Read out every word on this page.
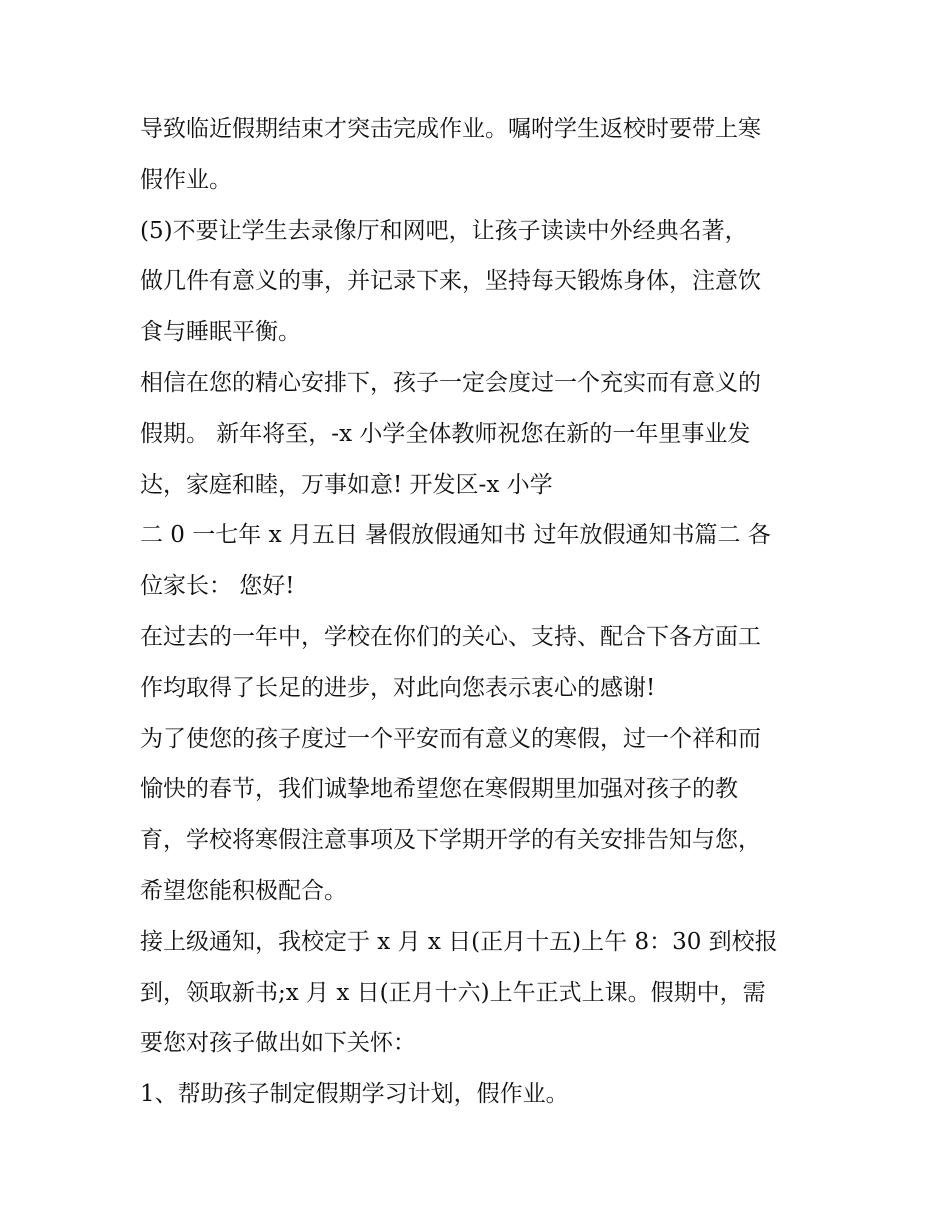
导致临近假期结束才突击完成作业。嘱咐学生返校时要带上寒
假作业。
(5)不要让学生去录像厅和网吧，让孩子读读中外经典名著，
做几件有意义的事，并记录下来，坚持每天锻炼身体，注意饮
食与睡眠平衡。
相信在您的精心安排下，孩子一定会度过一个充实而有意义的
假期。 新年将至，-x 小学全体教师祝您在新的一年里事业发
达，家庭和睦，万事如意! 开发区-x 小学
二 0 一七年 x 月五日 暑假放假通知书 过年放假通知书篇二 各
位家长： 您好!
在过去的一年中，学校在你们的关心、支持、配合下各方面工
作均取得了长足的进步，对此向您表示衷心的感谢!
为了使您的孩子度过一个平安而有意义的寒假，过一个祥和而
愉快的春节，我们诚挚地希望您在寒假期里加强对孩子的教
育，学校将寒假注意事项及下学期开学的有关安排告知与您，
希望您能积极配合。
接上级通知，我校定于 x 月 x 日(正月十五)上午 8：30 到校报
到，领取新书;x 月 x 日(正月十六)上午正式上课。假期中，需
要您对孩子做出如下关怀：
1、帮助孩子制定假期学习计划，假作业。
